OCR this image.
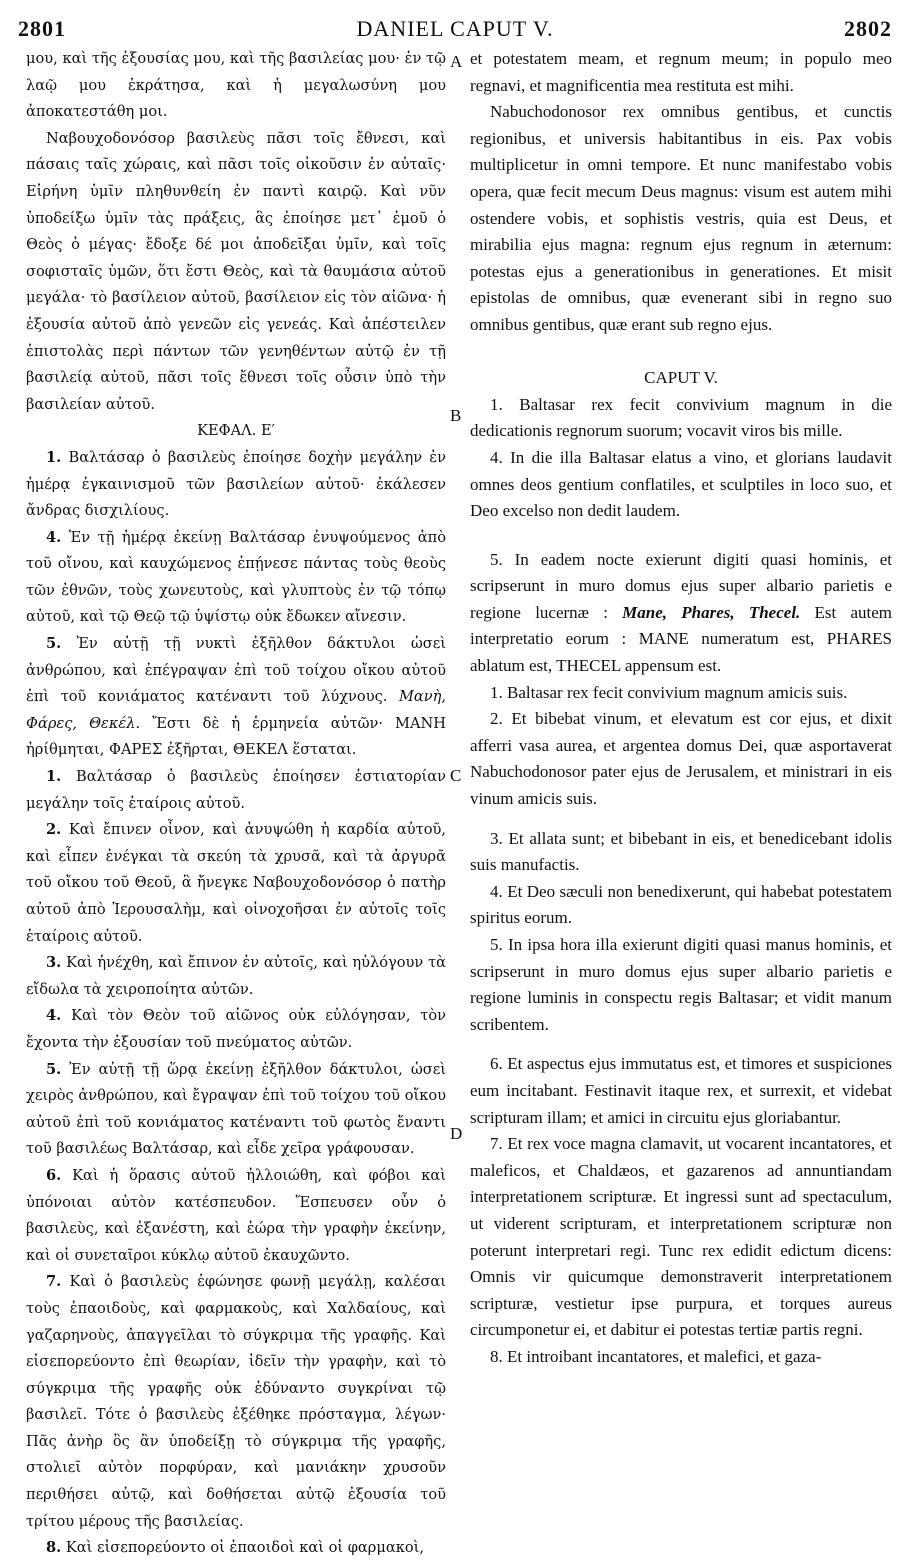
2801	DANIEL CAPUT V.	2802
A
B
C
D

μου, καὶ τῆς ἐξουσίας μου, καὶ τῆς βασιλείας μου· ἐν τῷ λαῷ μου ἐκράτησα, καὶ ἡ μεγαλωσύνη μου ἀποκατεστάθη μοι.

Ναβουχοδονόσορ βασιλεὺς πᾶσι τοῖς ἔθνεσι, καὶ πάσαις ταῖς χώραις, καὶ πᾶσι τοῖς οἰκοῦσιν ἐν αὐταῖς· Εἰρήνη ὑμῖν πληθυνθείη ἐν παντὶ καιρῷ. Καὶ νῦν ὑποδείξω ὑμῖν τὰς πράξεις, ἃς ἐποίησε μετ᾽ ἐμοῦ ὁ Θεὸς ὁ μέγας· ἔδοξε δέ μοι ἀποδεῖξαι ὑμῖν, καὶ τοῖς σοφισταῖς ὑμῶν, ὅτι ἔστι Θεὸς, καὶ τὰ θαυμάσια αὐτοῦ μεγάλα· τὸ βασίλειον αὐτοῦ, βασίλειον εἰς τὸν αἰῶνα· ἡ ἐξουσία αὐτοῦ ἀπὸ γενεῶν εἰς γενεάς. Καὶ ἀπέστειλεν ἐπιστολὰς περὶ πάντων τῶν γενηθέντων αὐτῷ ἐν τῇ βασιλείᾳ αὐτοῦ, πᾶσι τοῖς ἔθνεσι τοῖς οὖσιν ὑπὸ τὴν βασιλείαν αὐτοῦ.

ΚΕΦΑΛ. Ε′

1. Βαλτάσαρ ὁ βασιλεὺς ἐποίησε δοχὴν μεγάλην ἐν ἡμέρᾳ ἐγκαινισμοῦ τῶν βασιλείων αὐτοῦ· ἐκάλεσεν ἄνδρας δισχιλίους.

4. Ἐν τῇ ἡμέρᾳ ἐκείνῃ Βαλτάσαρ ἐνυψούμενος ἀπὸ τοῦ οἴνου, καὶ καυχώμενος ἐπῄνεσε πάντας τοὺς θεοὺς τῶν ἐθνῶν, τοὺς χωνευτοὺς, καὶ γλυπτοὺς ἐν τῷ τόπῳ αὐτοῦ, καὶ τῷ Θεῷ τῷ ὑψίστῳ οὐκ ἔδωκεν αἴνεσιν.

5. Ἐν αὐτῇ τῇ νυκτὶ ἐξῆλθον δάκτυλοι ὡσεὶ ἀνθρώπου, καὶ ἐπέγραψαν ἐπὶ τοῦ τοίχου οἴκου αὐτοῦ ἐπὶ τοῦ κονιάματος κατέναντι τοῦ λύχνους. Μανὴ, Φάρες, Θεκέλ. Ἔστι δὲ ἡ ἑρμηνεία αὐτῶν· ΜΑΝΗ ἠρίθμηται, ΦΑΡΕΣ ἐξῆρται, ΘΕΚΕΛ ἕσταται.

1. Βαλτάσαρ ὁ βασιλεὺς ἐποίησεν ἑστιατορίαν μεγάλην τοῖς ἑταίροις αὐτοῦ.

2. Καὶ ἔπινεν οἶνον, καὶ ἀνυψώθη ἡ καρδία αὐτοῦ, καὶ εἶπεν ἐνέγκαι τὰ σκεύη τὰ χρυσᾶ, καὶ τὰ ἀργυρᾶ τοῦ οἴκου τοῦ Θεοῦ, ἃ ἤνεγκε Ναβουχοδονόσορ ὁ πατὴρ αὐτοῦ ἀπὸ Ἱερουσαλὴμ, καὶ οἰνοχοῆσαι ἐν αὐτοῖς τοῖς ἑταίροις αὐτοῦ.

3. Καὶ ἠνέχθη, καὶ ἔπινον ἐν αὐτοῖς, καὶ ηὐλόγουν τὰ εἴδωλα τὰ χειροποίητα αὐτῶν.

4. Καὶ τὸν Θεὸν τοῦ αἰῶνος οὐκ εὐλόγησαν, τὸν ἔχοντα τὴν ἐξουσίαν τοῦ πνεύματος αὐτῶν.

5. Ἐν αὐτῇ τῇ ὥρᾳ ἐκείνῃ ἐξῆλθον δάκτυλοι, ὡσεὶ χειρὸς ἀνθρώπου, καὶ ἔγραψαν ἐπὶ τοῦ τοίχου τοῦ οἴκου αὐτοῦ ἐπὶ τοῦ κονιάματος κατέναντι τοῦ φωτὸς ἔναντι τοῦ βασιλέως Βαλτάσαρ, καὶ εἶδε χεῖρα γράφουσαν.

6. Καὶ ἡ ὅρασις αὐτοῦ ἠλλοιώθη, καὶ φόβοι καὶ ὑπόνοιαι αὐτὸν κατέσπευδον. Ἔσπευσεν οὖν ὁ βασιλεὺς, καὶ ἐξανέστη, καὶ ἑώρα τὴν γραφὴν ἐκείνην, καὶ οἱ συνεταῖροι κύκλῳ αὐτοῦ ἐκαυχῶντο.

7. Καὶ ὁ βασιλεὺς ἐφώνησε φωνῇ μεγάλῃ, καλέσαι τοὺς ἐπαοιδοὺς, καὶ φαρμακοὺς, καὶ Χαλδαίους, καὶ γαζαρηνοὺς, ἀπαγγεῖλαι τὸ σύγκριμα τῆς γραφῆς. Καὶ εἰσεπορεύοντο ἐπὶ θεωρίαν, ἰδεῖν τὴν γραφὴν, καὶ τὸ σύγκριμα τῆς γραφῆς οὐκ ἐδύναντο συγκρίναι τῷ βασιλεῖ. Τότε ὁ βασιλεὺς ἐξέθηκε πρόσταγμα, λέγων· Πᾶς ἀνὴρ ὃς ἂν ὑποδείξῃ τὸ σύγκριμα τῆς γραφῆς, στολιεῖ αὐτὸν πορφύραν, καὶ μανιάκην χρυσοῦν περιθήσει αὐτῷ, καὶ δοθήσεται αὐτῷ ἐξουσία τοῦ τρίτου μέρους τῆς βασιλείας.

8. Καὶ εἰσεπορεύοντο οἱ ἐπαοιδοὶ καὶ οἱ φαρμακοὶ,

et potestatem meam, et regnum meum; in populo meo regnavi, et magnificentia mea restituta est mihi.

Nabuchodonosor rex omnibus gentibus, et cunctis regionibus, et universis habitantibus in eis. Pax vobis multiplicetur in omni tempore. Et nunc manifestabo vobis opera, quæ fecit mecum Deus magnus: visum est autem mihi ostendere vobis, et sophistis vestris, quia est Deus, et mirabilia ejus magna: regnum ejus regnum in æternum: potestas ejus a generationibus in generationes. Et misit epistolas de omnibus, quæ evenerant sibi in regno suo omnibus gentibus, quæ erant sub regno ejus.

CAPUT V.

1. Baltasar rex fecit convivium magnum in die dedicationis regnorum suorum; vocavit viros bis mille.

4. In die illa Baltasar elatus a vino, et glorians laudavit omnes deos gentium conflatiles, et sculptiles in loco suo, et Deo excelso non dedit laudem.

5. In eadem nocte exierunt digiti quasi hominis, et scripserunt in muro domus ejus super albario parietis e regione lucernæ : Mane, Phares, Thecel. Est autem interpretatio eorum : MANE numeratum est, PHARES ablatum est, THECEL appensum est.

1. Baltasar rex fecit convivium magnum amicis suis.

2. Et bibebat vinum, et elevatum est cor ejus, et dixit afferri vasa aurea, et argentea domus Dei, quæ asportaverat Nabuchodonosor pater ejus de Jerusalem, et ministrari in eis vinum amicis suis.

3. Et allata sunt; et bibebant in eis, et benedicebant idolis suis manufactis.

4. Et Deo sæculi non benedixerunt, qui habebat potestatem spiritus eorum.

5. In ipsa hora illa exierunt digiti quasi manus hominis, et scripserunt in muro domus ejus super albario parietis e regione luminis in conspectu regis Baltasar; et vidit manum scribentem.

6. Et aspectus ejus immutatus est, et timores et suspiciones eum incitabant. Festinavit itaque rex, et surrexit, et videbat scripturam illam; et amici in circuitu ejus gloriabantur.

7. Et rex voce magna clamavit, ut vocarent incantatores, et maleficos, et Chaldæos, et gazarenos ad annuntiandam interpretationem scripturæ. Et ingressi sunt ad spectaculum, ut viderent scripturam, et interpretationem scripturæ non poterunt interpretari regi. Tunc rex edidit edictum dicens: Omnis vir quicumque demonstraverit interpretationem scripturæ, vestietur ipse purpura, et torques aureus circumponetur ei, et dabitur ei potestas tertiæ partis regni.

8. Et introibant incantatores, et malefici, et gaza-
